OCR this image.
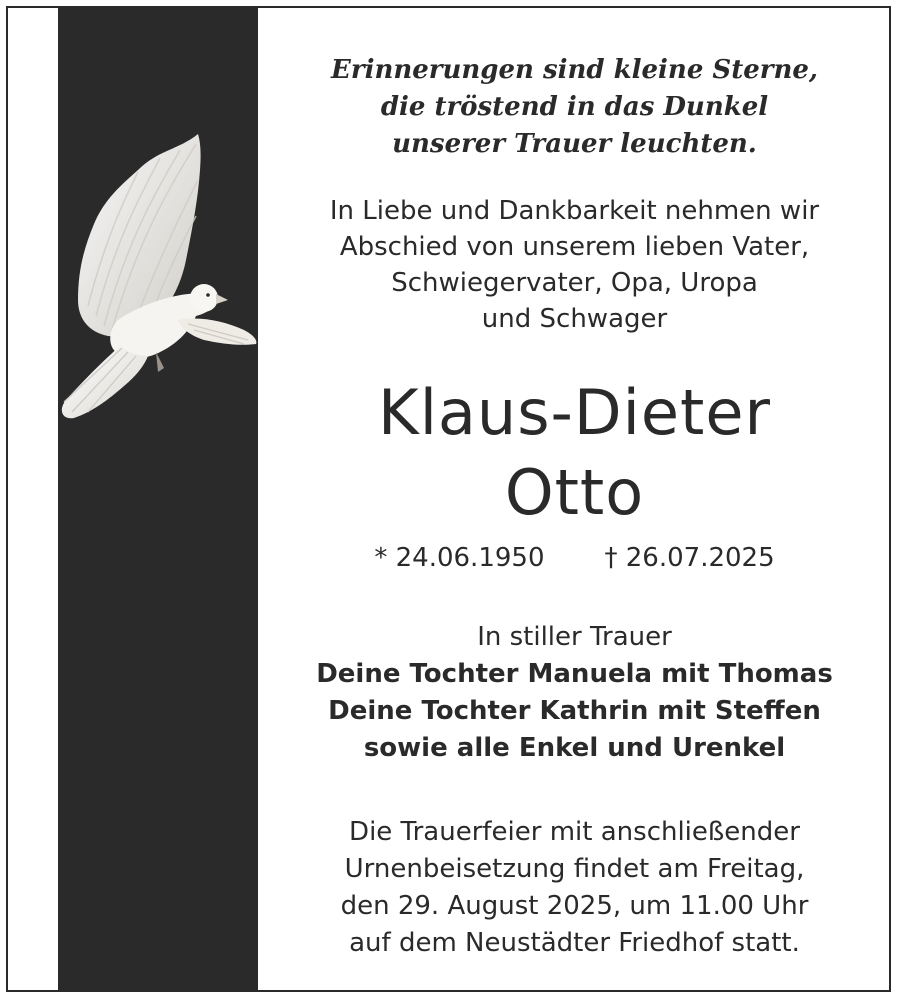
Erinnerungen sind kleine Sterne,
die tröstend in das Dunkel
unserer Trauer leuchten.
In Liebe und Dankbarkeit nehmen wir
Abschied von unserem lieben Vater,
Schwiegervater, Opa, Uropa
und Schwager
Klaus-Dieter
Otto
* 24.06.1950 † 26.07.2025
In stiller Trauer
Deine Tochter Manuela mit Thomas
Deine Tochter Kathrin mit Steffen
sowie alle Enkel und Urenkel
Die Trauerfeier mit anschließender
Urnenbeisetzung findet am Freitag,
den 29. August 2025, um 11.00 Uhr
auf dem Neustädter Friedhof statt.
